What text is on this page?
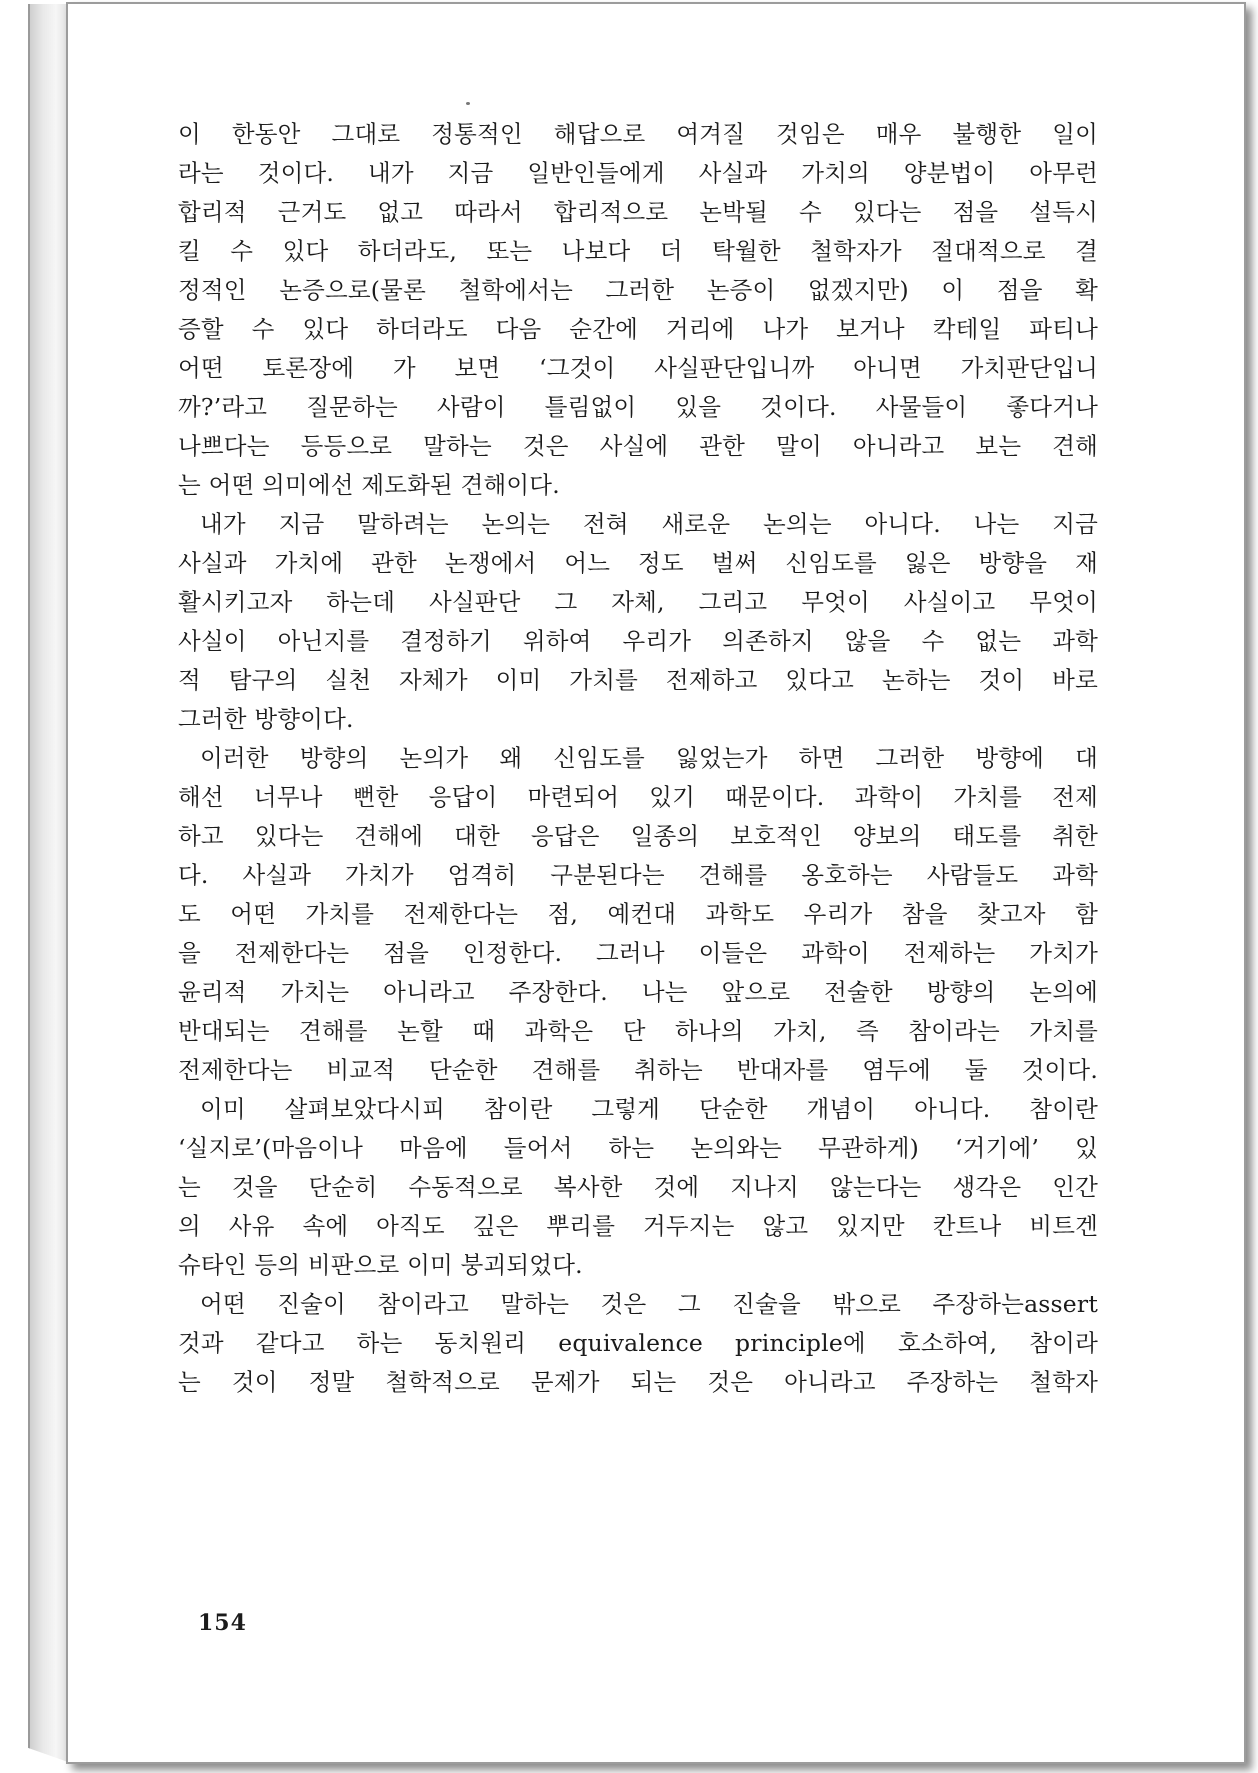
이 한동안 그대로 정통적인 해답으로 여겨질 것임은 매우 불행한 일이
라는 것이다. 내가 지금 일반인들에게 사실과 가치의 양분법이 아무런
합리적 근거도 없고 따라서 합리적으로 논박될 수 있다는 점을 설득시
킬 수 있다 하더라도, 또는 나보다 더 탁월한 철학자가 절대적으로 결
정적인 논증으로(물론 철학에서는 그러한 논증이 없겠지만) 이 점을 확
증할 수 있다 하더라도 다음 순간에 거리에 나가 보거나 칵테일 파티나
어떤 토론장에 가 보면 ‘그것이 사실판단입니까 아니면 가치판단입니
까?’라고 질문하는 사람이 틀림없이 있을 것이다. 사물들이 좋다거나
나쁘다는 등등으로 말하는 것은 사실에 관한 말이 아니라고 보는 견해
는 어떤 의미에선 제도화된 견해이다.
내가 지금 말하려는 논의는 전혀 새로운 논의는 아니다. 나는 지금
사실과 가치에 관한 논쟁에서 어느 정도 벌써 신임도를 잃은 방향을 재
활시키고자 하는데 사실판단 그 자체, 그리고 무엇이 사실이고 무엇이
사실이 아닌지를 결정하기 위하여 우리가 의존하지 않을 수 없는 과학
적 탐구의 실천 자체가 이미 가치를 전제하고 있다고 논하는 것이 바로
그러한 방향이다.
이러한 방향의 논의가 왜 신임도를 잃었는가 하면 그러한 방향에 대
해선 너무나 뻔한 응답이 마련되어 있기 때문이다. 과학이 가치를 전제
하고 있다는 견해에 대한 응답은 일종의 보호적인 양보의 태도를 취한
다. 사실과 가치가 엄격히 구분된다는 견해를 옹호하는 사람들도 과학
도 어떤 가치를 전제한다는 점, 예컨대 과학도 우리가 참을 찾고자 함
을 전제한다는 점을 인정한다. 그러나 이들은 과학이 전제하는 가치가
윤리적 가치는 아니라고 주장한다. 나는 앞으로 전술한 방향의 논의에
반대되는 견해를 논할 때 과학은 단 하나의 가치, 즉 참이라는 가치를
전제한다는 비교적 단순한 견해를 취하는 반대자를 염두에 둘 것이다.
이미 살펴보았다시피 참이란 그렇게 단순한 개념이 아니다. 참이란
‘실지로’(마음이나 마음에 들어서 하는 논의와는 무관하게) ‘거기에’ 있
는 것을 단순히 수동적으로 복사한 것에 지나지 않는다는 생각은 인간
의 사유 속에 아직도 깊은 뿌리를 거두지는 않고 있지만 칸트나 비트겐
슈타인 등의 비판으로 이미 붕괴되었다.
어떤 진술이 참이라고 말하는 것은 그 진술을 밖으로 주장하는assert
것과 같다고 하는 동치원리 equivalence principle에 호소하여, 참이라
는 것이 정말 철학적으로 문제가 되는 것은 아니라고 주장하는 철학자
154
